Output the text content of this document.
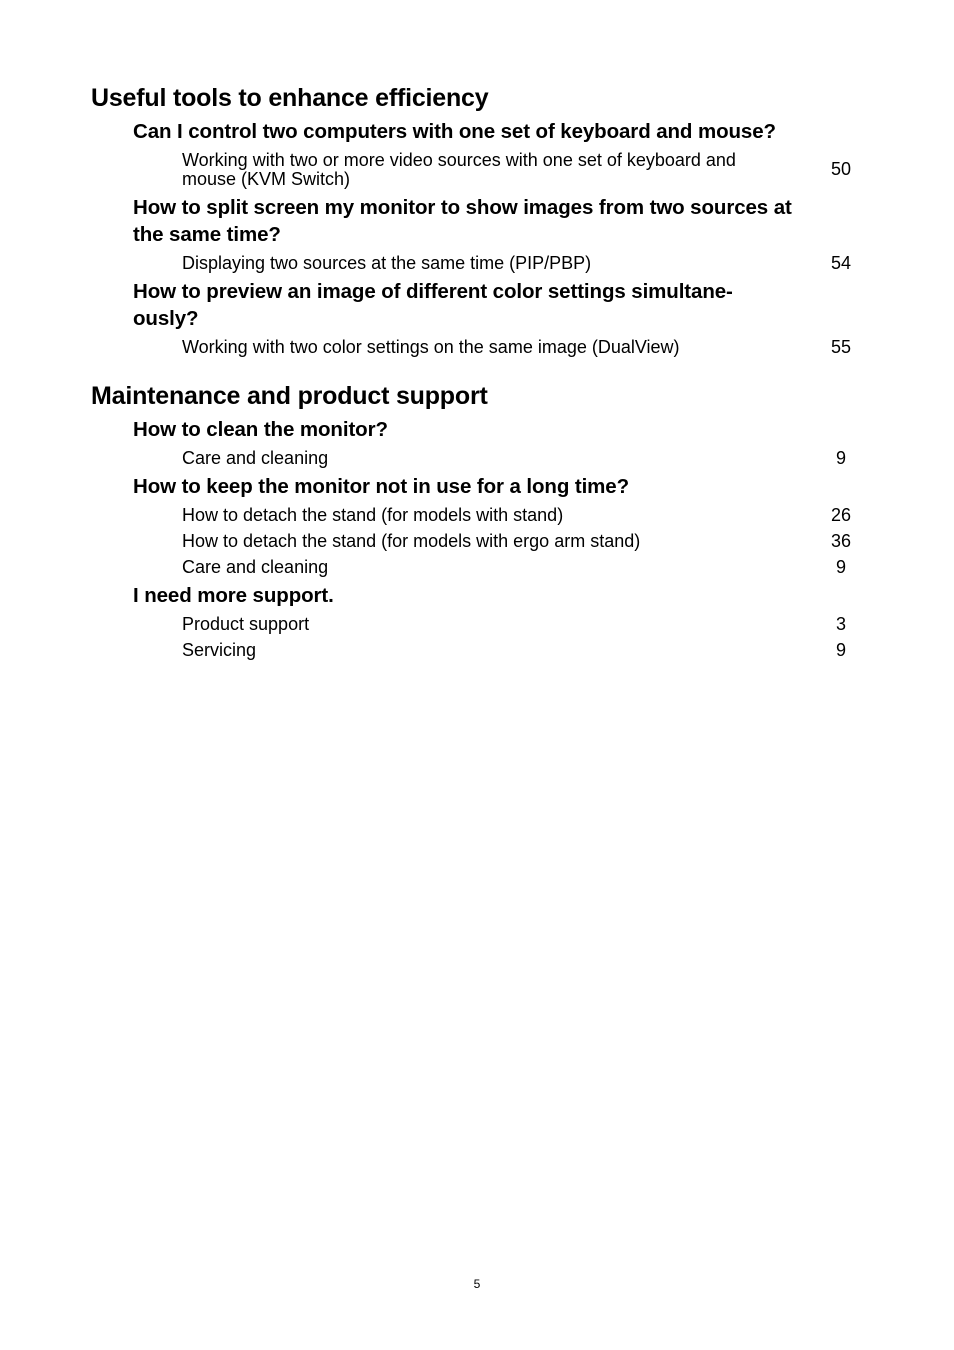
Useful tools to enhance efficiency
Can I control two computers with one set of keyboard and mouse?
Working with two or more video sources with one set of keyboard and mouse (KVM Switch)	50
How to split screen my monitor to show images from two sources at the same time?
Displaying two sources at the same time (PIP/PBP)	54
How to preview an image of different color settings simultane-ously?
Working with two color settings on the same image (DualView)	55
Maintenance and product support
How to clean the monitor?
Care and cleaning	9
How to keep the monitor not in use for a long time?
How to detach the stand (for models with stand)	26
How to detach the stand (for models with ergo arm stand)	36
Care and cleaning	9
I need more support.
Product support	3
Servicing	9
5
